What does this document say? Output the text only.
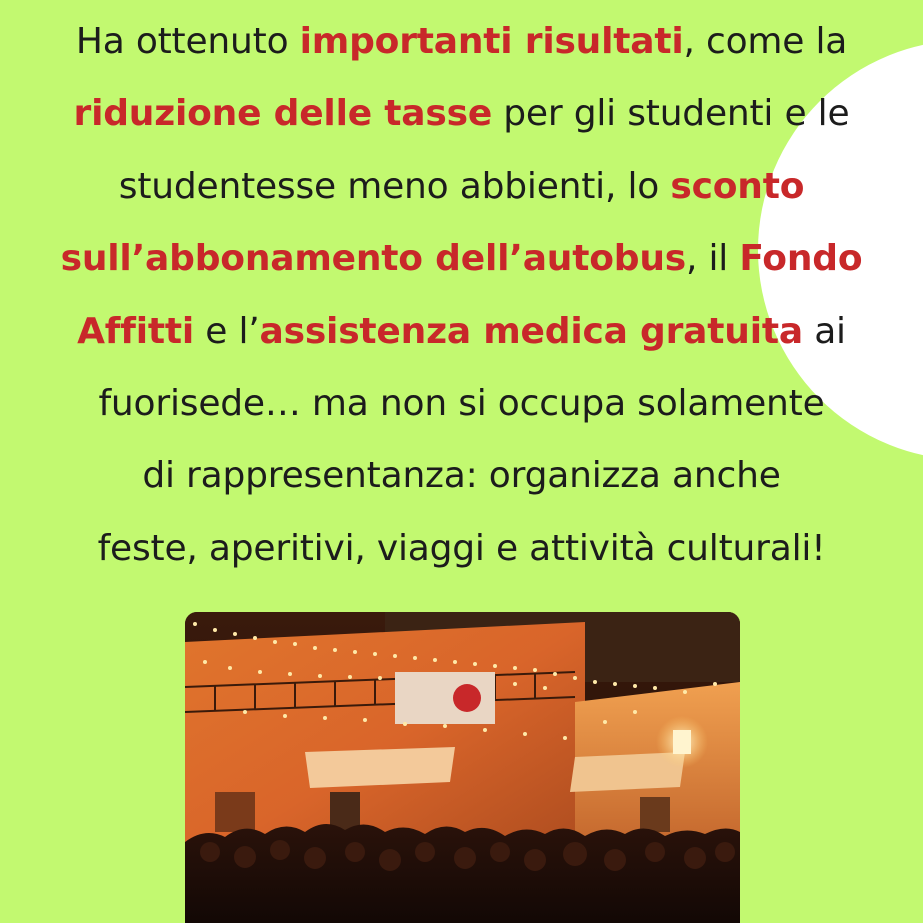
Ha ottenuto importanti risultati, come la
riduzione delle tasse per gli studenti e le
studentesse meno abbienti, lo sconto
sull’abbonamento dell’autobus, il Fondo
Affitti e l’assistenza medica gratuita ai
fuorisede… ma non si occupa solamente
di rappresentanza: organizza anche
feste, aperitivi, viaggi e attività culturali!
